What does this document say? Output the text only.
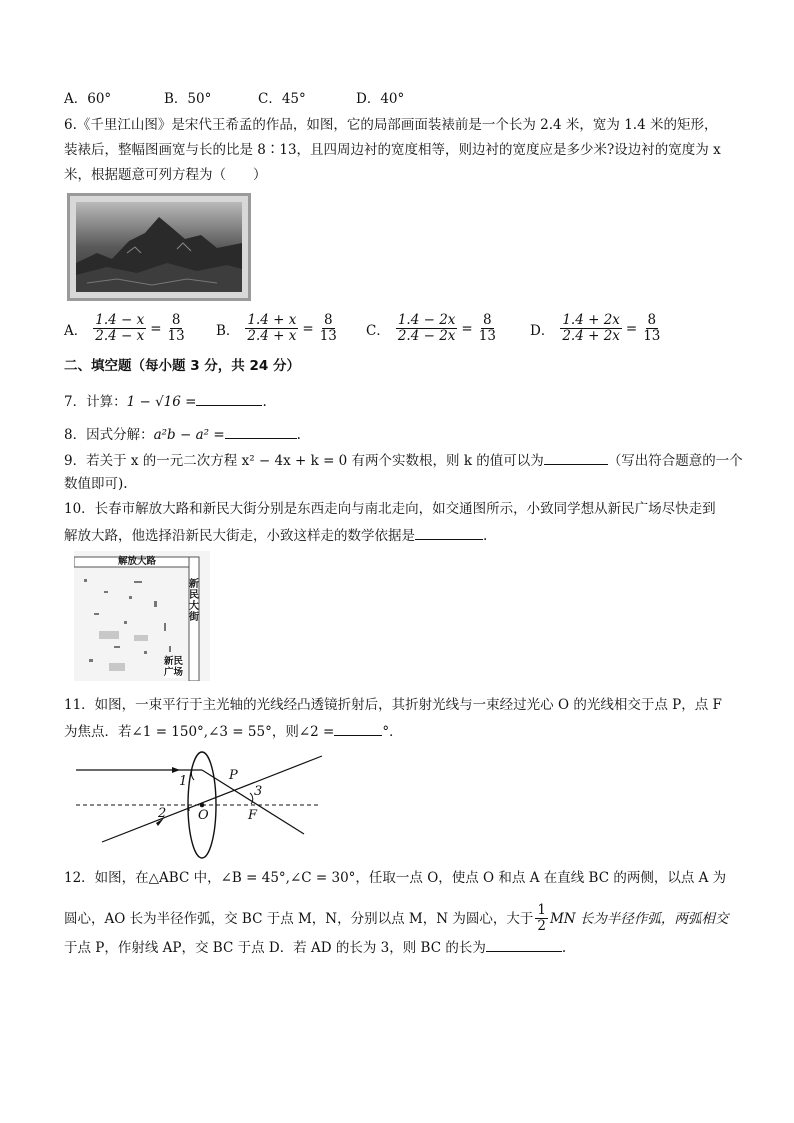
A．60°	B．50°	C．45°	D．40°
6.《千里江山图》是宋代王希孟的作品，如图，它的局部画面装裱前是一个长为 2.4 米，宽为 1.4 米的矩形，
装裱后，整幅图画宽与长的比是 8∶13，且四周边衬的宽度相等，则边衬的宽度应是多少米?设边衬的宽度为 x
米，根据题意可列方程为（　　）
A． $\frac{1.4 - x}{2.4 - x} = \frac{8}{13}$ B． $\frac{1.4 + x}{2.4 + x} = \frac{8}{13}$ C． $\frac{1.4 - 2x}{2.4 - 2x} = \frac{8}{13}$ D． $\frac{1.4 + 2x}{2.4 + 2x} = \frac{8}{13}$
二、填空题（每小题 3 分，共 24 分）
7．计算：1 − √16 =	.
8．因式分解：a²b − a² =	.
9．若关于 x 的一元二次方程 x² − 4x + k = 0 有两个实数根，则 k 的值可以为	（写出符合题意的一个
数值即可).
10．长春市解放大路和新民大街分别是东西走向与南北走向，如交通图所示，小致同学想从新民广场尽快走到
解放大路，他选择沿新民大街走，小致这样走的数学依据是	.
解放大路
新
民
大
街
新民
广场
11．如图，一束平行于主光轴的光线经凸透镜折射后，其折射光线与一束经过光心 O 的光线相交于点 P，点 F
为焦点．若∠1 = 150°,∠3 = 55°，则∠2 =	°．
1
2
3
P
O	F
12．如图，在△ABC 中，∠B = 45°,∠C = 30°，任取一点 O，使点 O 和点 A 在直线 BC 的两侧，以点 A 为
圆心，AO 长为半径作弧，交 BC 于点 M，N，分别以点 M，N 为圆心，大于 $\frac{1}{2}$ MN 长为半径作弧，两弧相交
于点 P，作射线 AP，交 BC 于点 D．若 AD 的长为 3，则 BC 的长为	.
